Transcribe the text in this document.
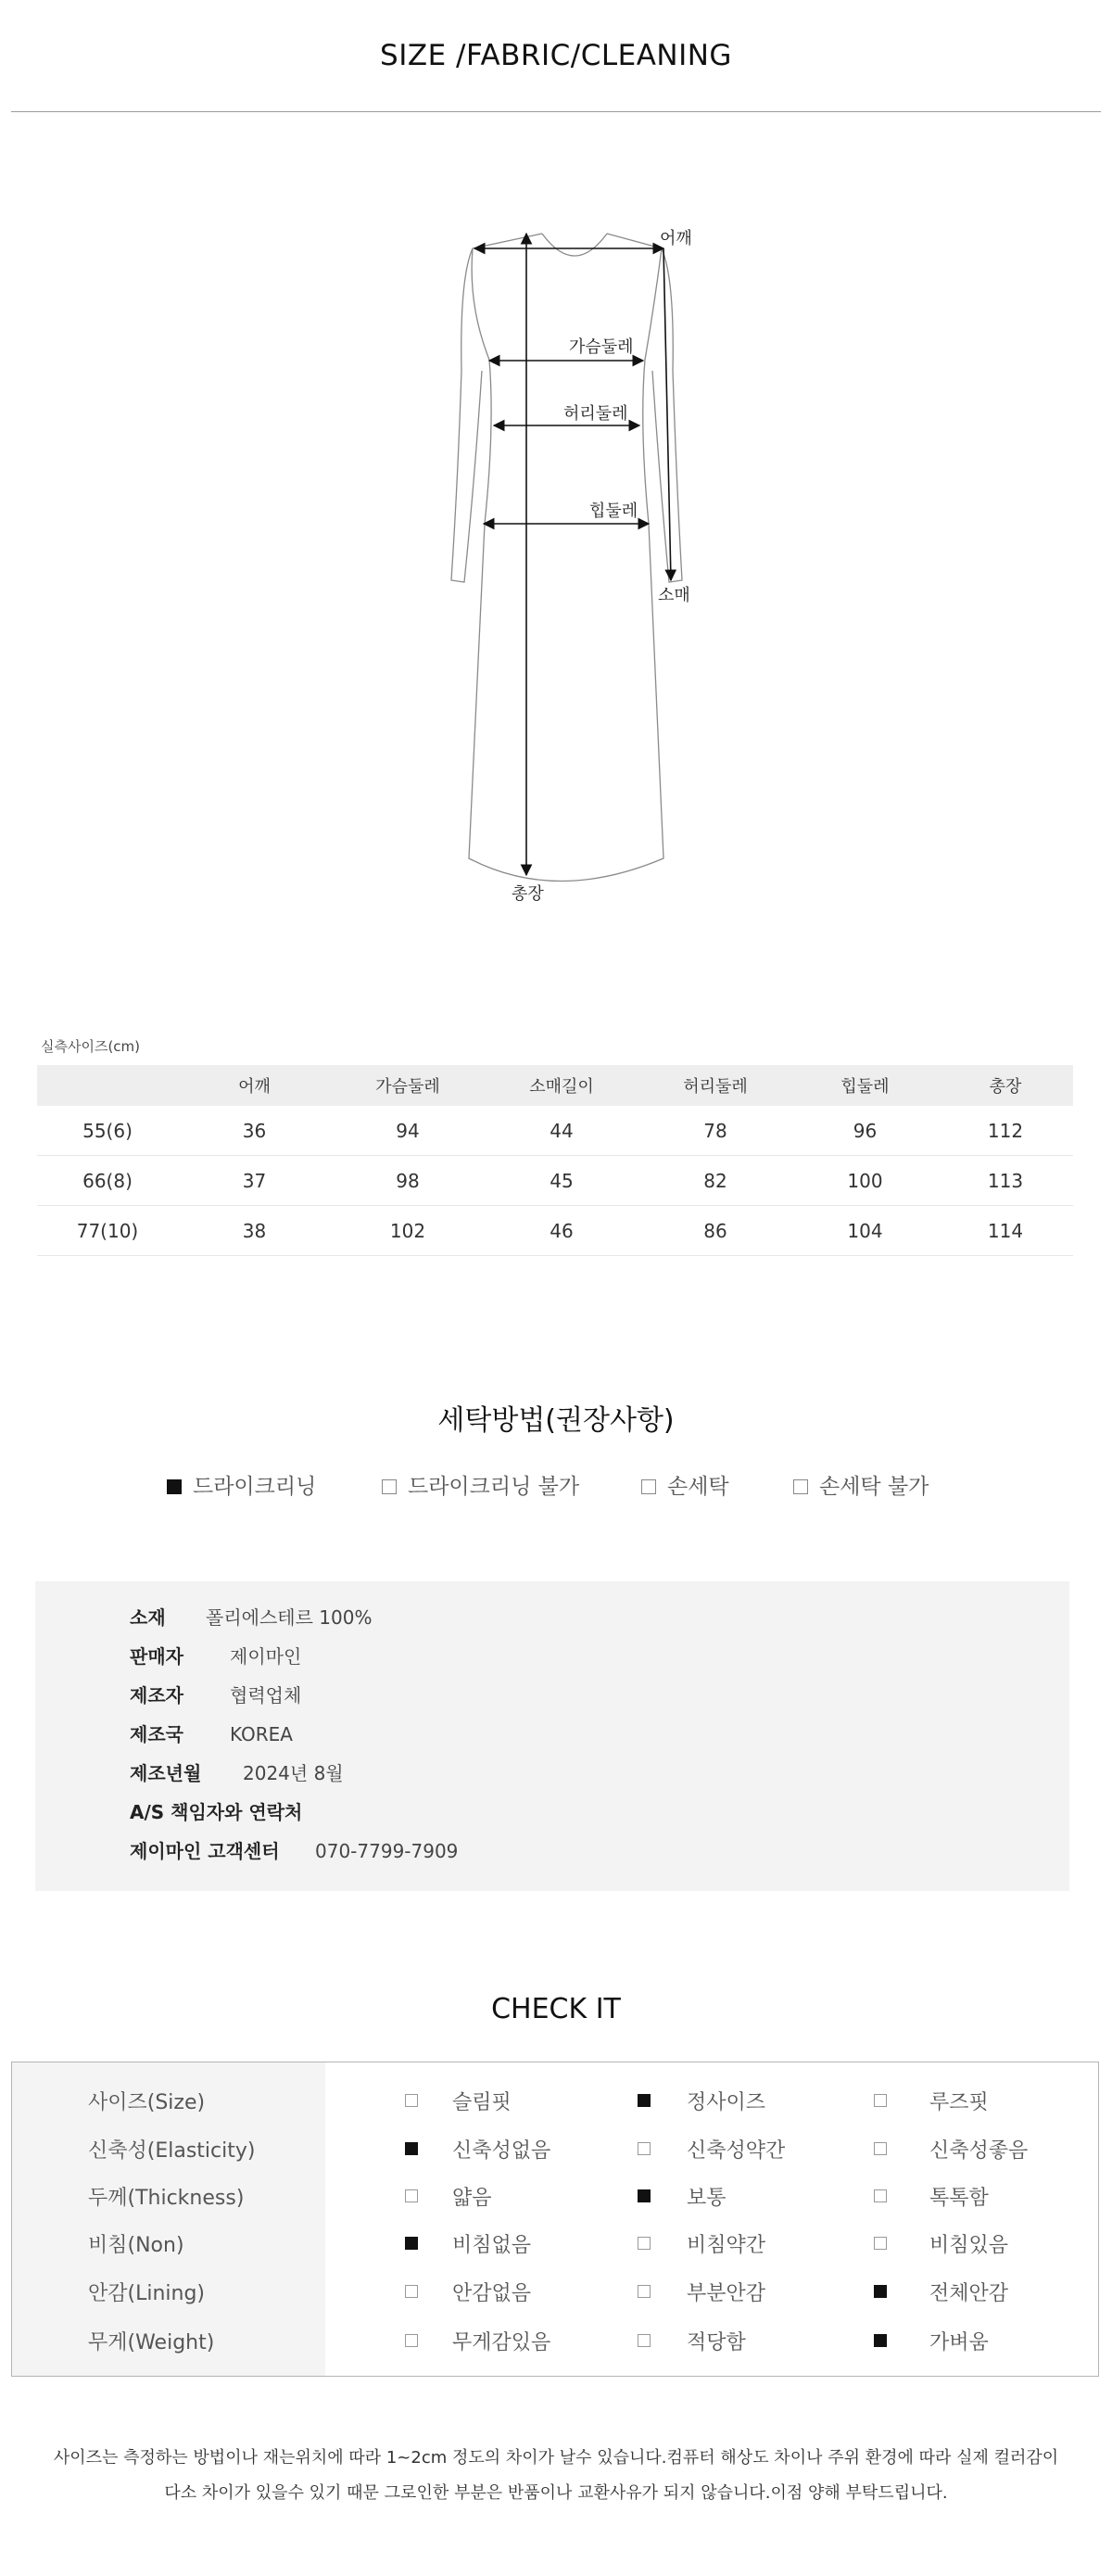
SIZE /FABRIC/CLEANING
어깨
가슴둘레
허리둘레
힙둘레
소매
총장
실측사이즈(cm)
	어깨	가슴둘레	소매길이	허리둘레	힙둘레	총장
55(6)	36	94	44	78	96	112
66(8)	37	98	45	82	100	113
77(10)	38	102	46	86	104	114
세탁방법(권장사항)
드라이크리닝	드라이크리닝 불가	손세탁	손세탁 불가
소재 폴리에스테르 100%
판매자	제이마인
제조자	협력업체
제조국	KOREA
제조년월 2024년 8월
A/S 책임자와 연락처
제이마인 고객센터 070-7799-7909
CHECK IT
사이즈(Size)	슬림핏	정사이즈	루즈핏
신축성(Elasticity)	신축성없음	신축성약간	신축성좋음
두께(Thickness)	얇음	보통	톡톡함
비침(Non)	비침없음	비침약간	비침있음
안감(Lining)	안감없음	부분안감	전체안감
무게(Weight)	무게감있음	적당함	가벼움
사이즈는 측정하는 방법이나 재는위치에 따라 1~2cm 정도의 차이가 날수 있습니다.컴퓨터 해상도 차이나 주위 환경에 따라 실제 컬러감이
다소 차이가 있을수 있기 때문 그로인한 부분은 반품이나 교환사유가 되지 않습니다.이점 양해 부탁드립니다.
